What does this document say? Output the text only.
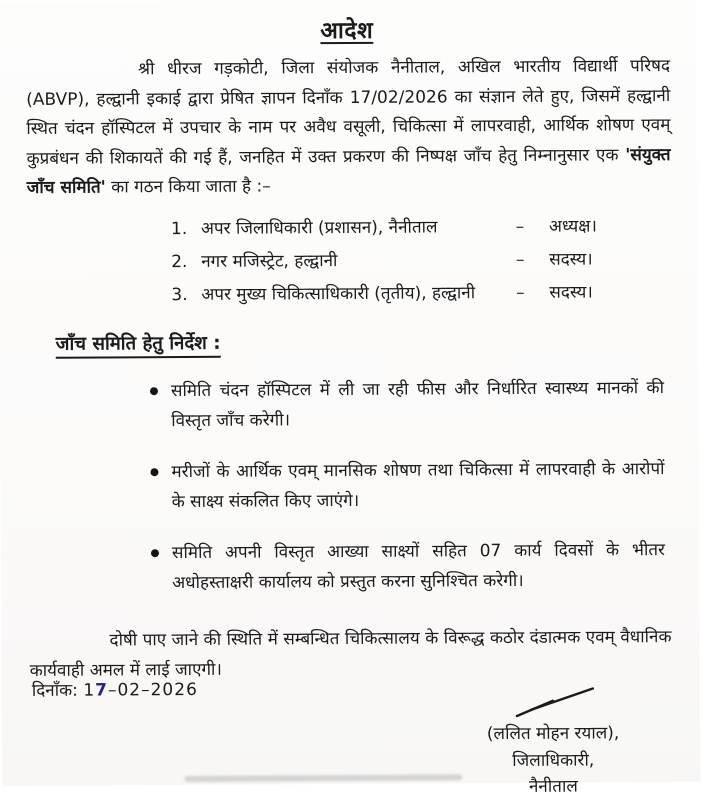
आदेश

श्री धीरज गड़कोटी, जिला संयोजक नैनीताल, अखिल भारतीय विद्यार्थी परिषद (ABVP), हल्द्वानी इकाई द्वारा प्रेषित ज्ञापन दिनाँक 17/02/2026 का संज्ञान लेते हुए, जिसमें हल्द्वानी स्थित चंदन हॉस्पिटल में उपचार के नाम पर अवैध वसूली, चिकित्सा में लापरवाही, आर्थिक शोषण एवम् कुप्रबंधन की शिकायतें की गई हैं, जनहित में उक्त प्रकरण की निष्पक्ष जाँच हेतु निम्नानुसार एक 'संयुक्त जाँच समिति' का गठन किया जाता है :–

1. अपर जिलाधिकारी (प्रशासन), नैनीताल	–	अध्यक्ष।
2. नगर मजिस्ट्रेट, हल्द्वानी	–	सदस्य।
3. अपर मुख्य चिकित्साधिकारी (तृतीय), हल्द्वानी	–	सदस्य।
जाँच समिति हेतु निर्देश :
समिति चंदन हॉस्पिटल में ली जा रही फीस और निर्धारित स्वास्थ्य मानकों की विस्तृत जाँच करेगी।
मरीजों के आर्थिक एवम् मानसिक शोषण तथा चिकित्सा में लापरवाही के आरोपों के साक्ष्य संकलित किए जाएंगे।
समिति अपनी विस्तृत आख्या साक्ष्यों सहित 07 कार्य दिवसों के भीतर अधोहस्ताक्षरी कार्यालय को प्रस्तुत करना सुनिश्चित करेगी।

दोषी पाए जाने की स्थिति में सम्बन्धित चिकित्सालय के विरूद्ध कठोर दंडात्मक एवम् वैधानिक कार्यवाही अमल में लाई जाएगी।

दिनाँक: 17–02–2026
(ललित मोहन रयाल),
जिलाधिकारी,
नैनीताल
